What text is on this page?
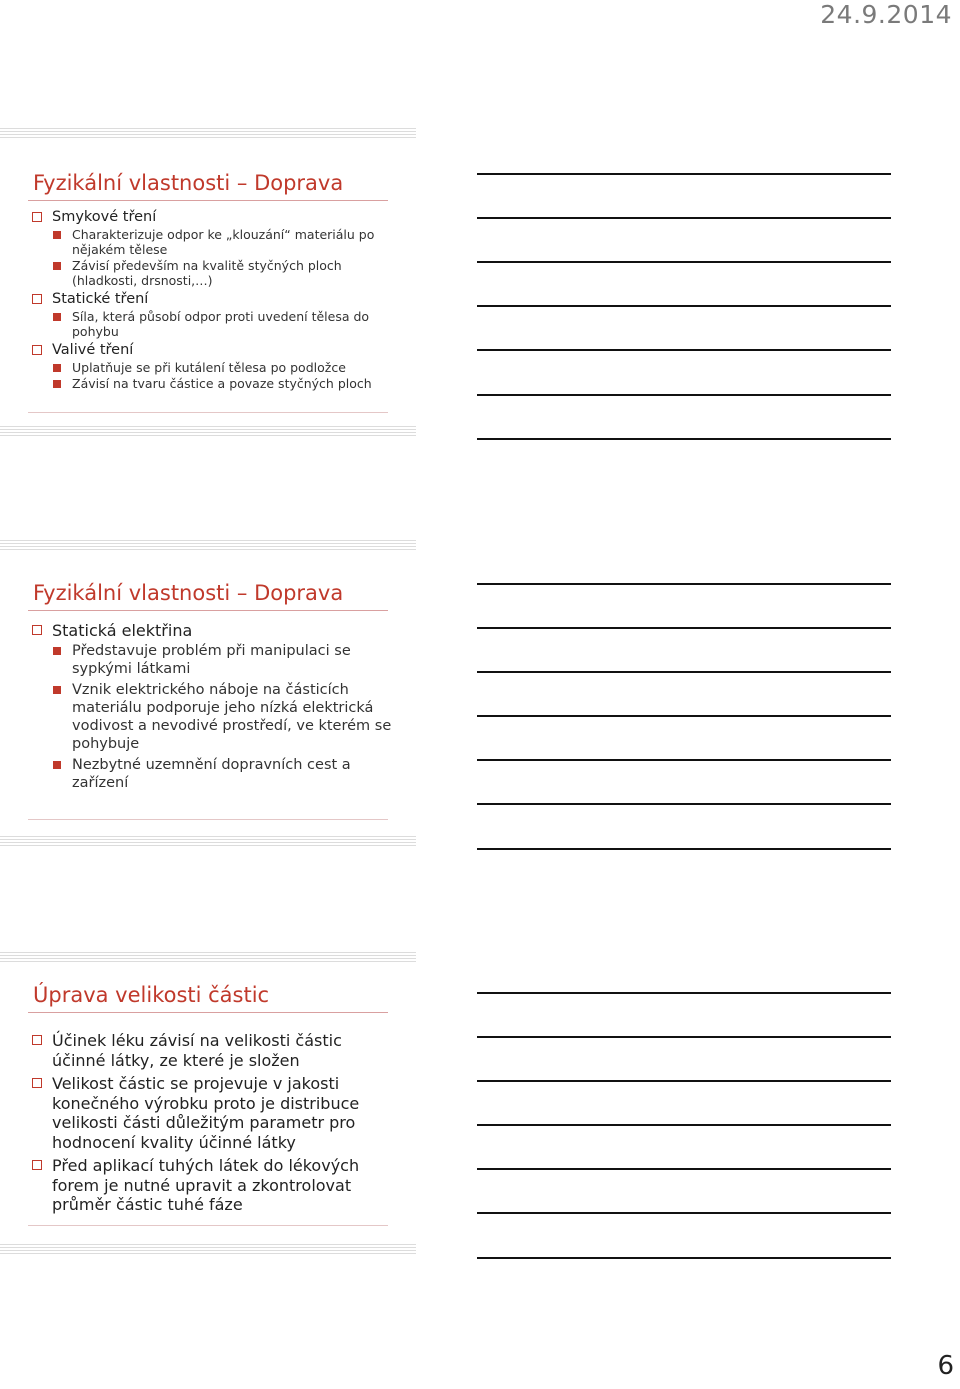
24.9.2014
Fyzikální vlastnosti – Doprava
Smykové tření
Charakterizuje odpor ke „klouzání“ materiálu po nějakém tělese
Závisí především na kvalitě styčných ploch (hladkosti, drsnosti,…)
Statické tření
Síla, která působí odpor proti uvedení tělesa do pohybu
Valivé tření
Uplatňuje se při kutálení tělesa po podložce
Závisí na tvaru částice a povaze styčných ploch
Fyzikální vlastnosti – Doprava
Statická elektřina
Představuje problém při manipulaci se sypkými látkami
Vznik elektrického náboje na částicích materiálu podporuje jeho nízká elektrická vodivost a nevodivé prostředí, ve kterém se pohybuje
Nezbytné uzemnění dopravních cest a zařízení
Úprava velikosti částic
Účinek léku závisí na velikosti částic účinné látky, ze které je složen
Velikost částic se projevuje v jakosti konečného výrobku proto je distribuce velikosti části důležitým parametr pro hodnocení kvality účinné látky
Před aplikací tuhých látek do lékových forem je nutné upravit a zkontrolovat průměr částic tuhé fáze
6
